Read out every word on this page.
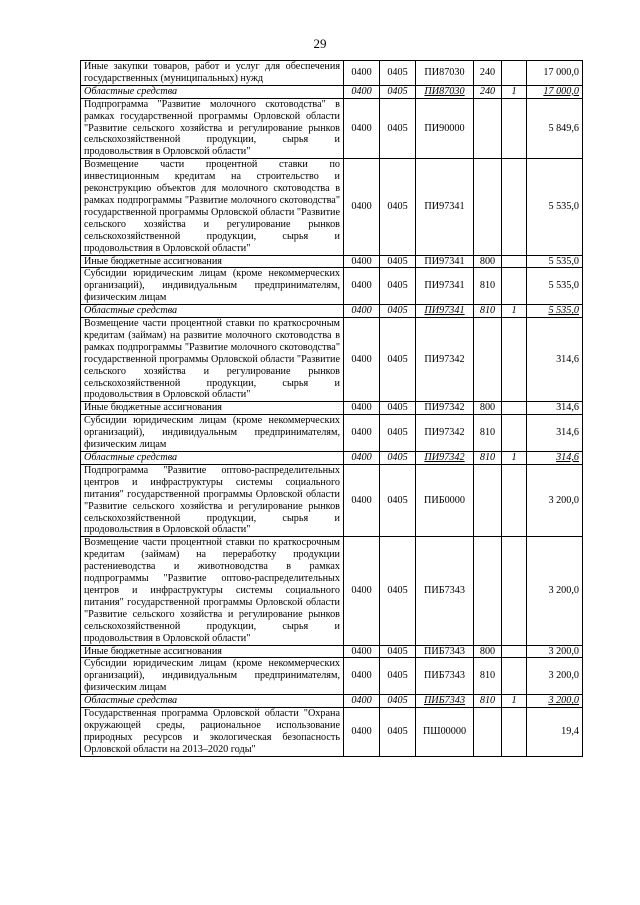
29
Иные закупки товаров, работ и услуг для обеспечения государственных (муниципальных) нужд	0400	0405	ПИ87030	240		17 000,0
Областные средства	0400	0405	ПИ87030	240	1	17 000,0
Подпрограмма "Развитие молочного скотоводства" в рамках государственной программы Орловской области "Развитие сельского хозяйства и регулирование рынков сельскохозяйственной продукции, сырья и продовольствия в Орловской области"	0400	0405	ПИ90000			5 849,6
Возмещение части процентной ставки по инвестиционным кредитам на строительство и реконструкцию объектов для молочного скотоводства в рамках подпрограммы "Развитие молочного скотоводства" государственной программы Орловской области "Развитие сельского хозяйства и регулирование рынков сельскохозяйственной продукции, сырья и продовольствия в Орловской области"	0400	0405	ПИ97341			5 535,0
Иные бюджетные ассигнования	0400	0405	ПИ97341	800		5 535,0
Субсидии юридическим лицам (кроме некоммерческих организаций), индивидуальным предпринимателям, физическим лицам	0400	0405	ПИ97341	810		5 535,0
Областные средства	0400	0405	ПИ97341	810	1	5 535,0
Возмещение части процентной ставки по краткосрочным кредитам (займам) на развитие молочного скотоводства в рамках подпрограммы "Развитие молочного скотоводства" государственной программы Орловской области "Развитие сельского хозяйства и регулирование рынков сельскохозяйственной продукции, сырья и продовольствия в Орловской области"	0400	0405	ПИ97342			314,6
Иные бюджетные ассигнования	0400	0405	ПИ97342	800		314,6
Субсидии юридическим лицам (кроме некоммерческих организаций), индивидуальным предпринимателям, физическим лицам	0400	0405	ПИ97342	810		314,6
Областные средства	0400	0405	ПИ97342	810	1	314,6
Подпрограмма "Развитие оптово-распределительных центров и инфраструктуры системы социального питания" государственной программы Орловской области "Развитие сельского хозяйства и регулирование рынков сельскохозяйственной продукции, сырья и продовольствия в Орловской области"	0400	0405	ПИБ0000			3 200,0
Возмещение части процентной ставки по краткосрочным кредитам (займам) на переработку продукции растениеводства и животноводства в рамках подпрограммы "Развитие оптово-распределительных центров и инфраструктуры системы социального питания" государственной программы Орловской области "Развитие сельского хозяйства и регулирование рынков сельскохозяйственной продукции, сырья и продовольствия в Орловской области"	0400	0405	ПИБ7343			3 200,0
Иные бюджетные ассигнования	0400	0405	ПИБ7343	800		3 200,0
Субсидии юридическим лицам (кроме некоммерческих организаций), индивидуальным предпринимателям, физическим лицам	0400	0405	ПИБ7343	810		3 200,0
Областные средства	0400	0405	ПИБ7343	810	1	3 200,0
Государственная программа Орловской области "Охрана окружающей среды, рациональное использование природных ресурсов и экологическая безопасность Орловской области на 2013–2020 годы"	0400	0405	ПШ00000			19,4
